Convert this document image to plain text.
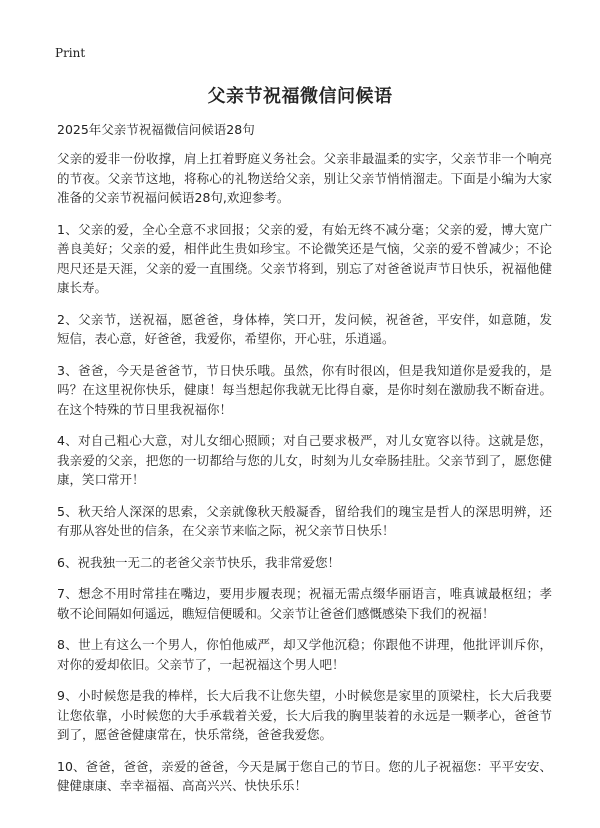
Print
父亲节祝福微信问候语

2025年父亲节祝福微信问候语28句

父亲的爱非一份收撑，肩上扛着野庭义务社会。父亲非最温柔的实字，父亲节非一个响亮的节夜。父亲节这地，将称心的礼物送给父亲，别让父亲节悄悄溜走。下面是小编为大家准备的父亲节祝福问候语28句,欢迎参考。

1、父亲的爱，全心全意不求回报；父亲的爱，有始无终不减分毫；父亲的爱，博大宽广善良美好；父亲的爱，相伴此生贵如珍宝。不论微笑还是气恼，父亲的爱不曾减少；不论咫尺还是天涯，父亲的爱一直围绕。父亲节将到，别忘了对爸爸说声节日快乐，祝福他健康长寿。

2、父亲节，送祝福，愿爸爸，身体棒，笑口开，发问候，祝爸爸，平安伴，如意随，发短信，表心意，好爸爸，我爱你，希望你，开心驻，乐逍遥。

3、爸爸，今天是爸爸节，节日快乐哦。虽然，你有时很凶，但是我知道你是爱我的，是吗？在这里祝你快乐，健康！每当想起你我就无比得自豪，是你时刻在激励我不断奋进。在这个特殊的节日里我祝福你！

4、对自己粗心大意，对儿女细心照顾；对自己要求极严，对儿女宽容以待。这就是您，我亲爱的父亲，把您的一切都给与您的儿女，时刻为儿女牵肠挂肚。父亲节到了，愿您健康，笑口常开！

5、秋天给人深深的思索，父亲就像秋天般凝香，留给我们的瑰宝是哲人的深思明辨，还有那从容处世的信条，在父亲节来临之际，祝父亲节日快乐！

6、祝我独一无二的老爸父亲节快乐，我非常爱您！

7、想念不用时常挂在嘴边，要用步履表现；祝福无需点缀华丽语言，唯真诚最枢纽；孝敬不论间隔如何遥远，瞧短信便暖和。父亲节让爸爸们感慨感染下我们的祝福！

8、世上有这么一个男人，你怕他威严，却又学他沉稳；你跟他不讲理，他批评训斥你，对你的爱却依旧。父亲节了，一起祝福这个男人吧！

9、小时候您是我的棒样，长大后我不让您失望，小时候您是家里的顶梁柱，长大后我要让您依靠，小时候您的大手承载着关爱，长大后我的胸里装着的永远是一颗孝心，爸爸节到了，愿爸爸健康常在，快乐常绕，爸爸我爱您。

10、爸爸，爸爸，亲爱的爸爸，今天是属于您自己的节日。您的儿子祝福您：平平安安、健健康康、幸幸福福、高高兴兴、快快乐乐！
